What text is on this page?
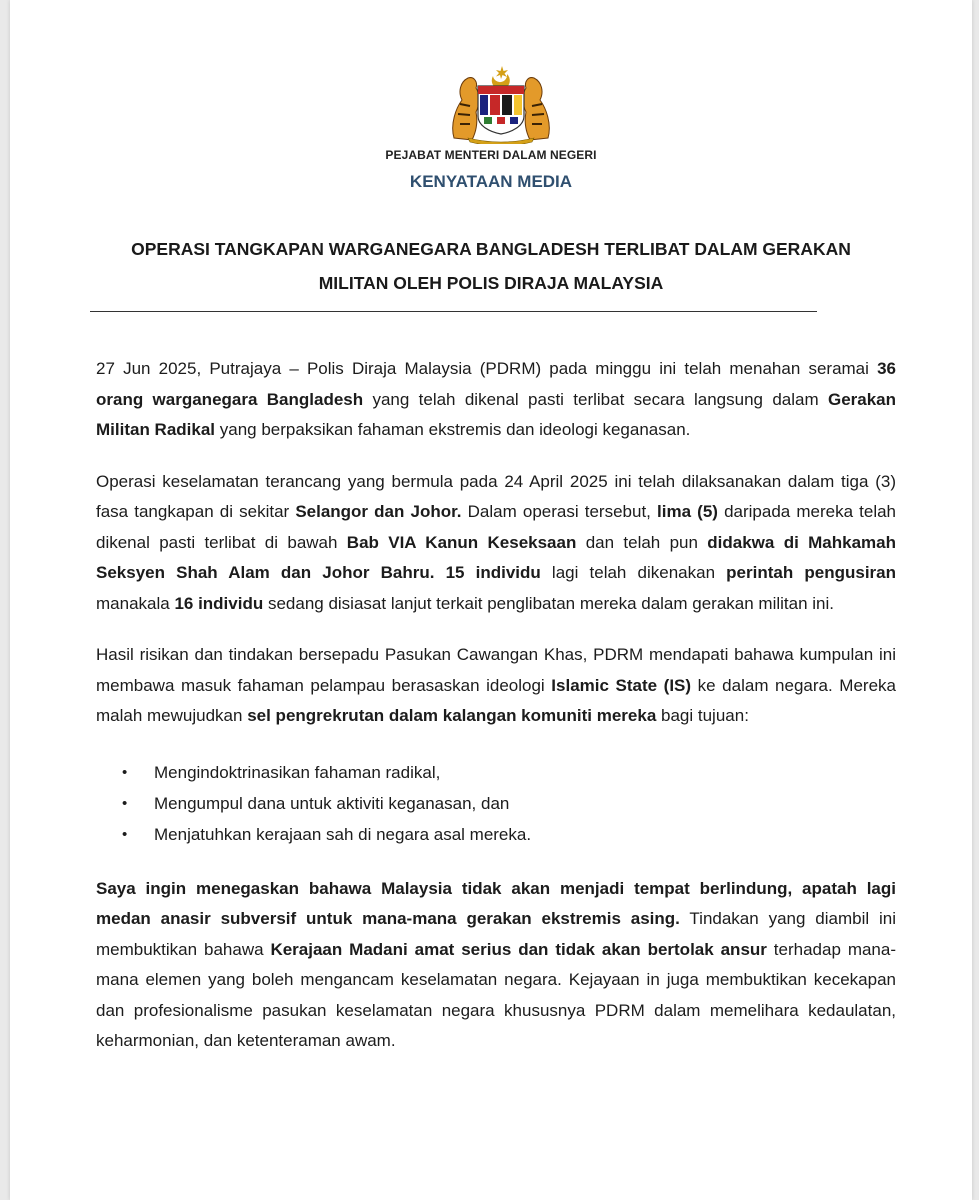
PEJABAT MENTERI DALAM NEGERI
KENYATAAN MEDIA
OPERASI TANGKAPAN WARGANEGARA BANGLADESH TERLIBAT DALAM GERAKAN
MILITAN OLEH POLIS DIRAJA MALAYSIA

27 Jun 2025, Putrajaya – Polis Diraja Malaysia (PDRM) pada minggu ini telah menahan seramai 36 orang warganegara Bangladesh yang telah dikenal pasti terlibat secara langsung dalam Gerakan Militan Radikal yang berpaksikan fahaman ekstremis dan ideologi keganasan.

Operasi keselamatan terancang yang bermula pada 24 April 2025 ini telah dilaksanakan dalam tiga (3) fasa tangkapan di sekitar Selangor dan Johor. Dalam operasi tersebut, lima (5) daripada mereka telah dikenal pasti terlibat di bawah Bab VIA Kanun Keseksaan dan telah pun didakwa di Mahkamah Seksyen Shah Alam dan Johor Bahru. 15 individu lagi telah dikenakan perintah pengusiran manakala 16 individu sedang disiasat lanjut terkait penglibatan mereka dalam gerakan militan ini.

Hasil risikan dan tindakan bersepadu Pasukan Cawangan Khas, PDRM mendapati bahawa kumpulan ini membawa masuk fahaman pelampau berasaskan ideologi Islamic State (IS) ke dalam negara. Mereka malah mewujudkan sel pengrekrutan dalam kalangan komuniti mereka bagi tujuan:

• Mengindoktrinasikan fahaman radikal,
• Mengumpul dana untuk aktiviti keganasan, dan
• Menjatuhkan kerajaan sah di negara asal mereka.

Saya ingin menegaskan bahawa Malaysia tidak akan menjadi tempat berlindung, apatah lagi medan anasir subversif untuk mana-mana gerakan ekstremis asing. Tindakan yang diambil ini membuktikan bahawa Kerajaan Madani amat serius dan tidak akan bertolak ansur terhadap mana-mana elemen yang boleh mengancam keselamatan negara. Kejayaan in juga membuktikan kecekapan dan profesionalisme pasukan keselamatan negara khususnya PDRM dalam memelihara kedaulatan, keharmonian, dan ketenteraman awam.
